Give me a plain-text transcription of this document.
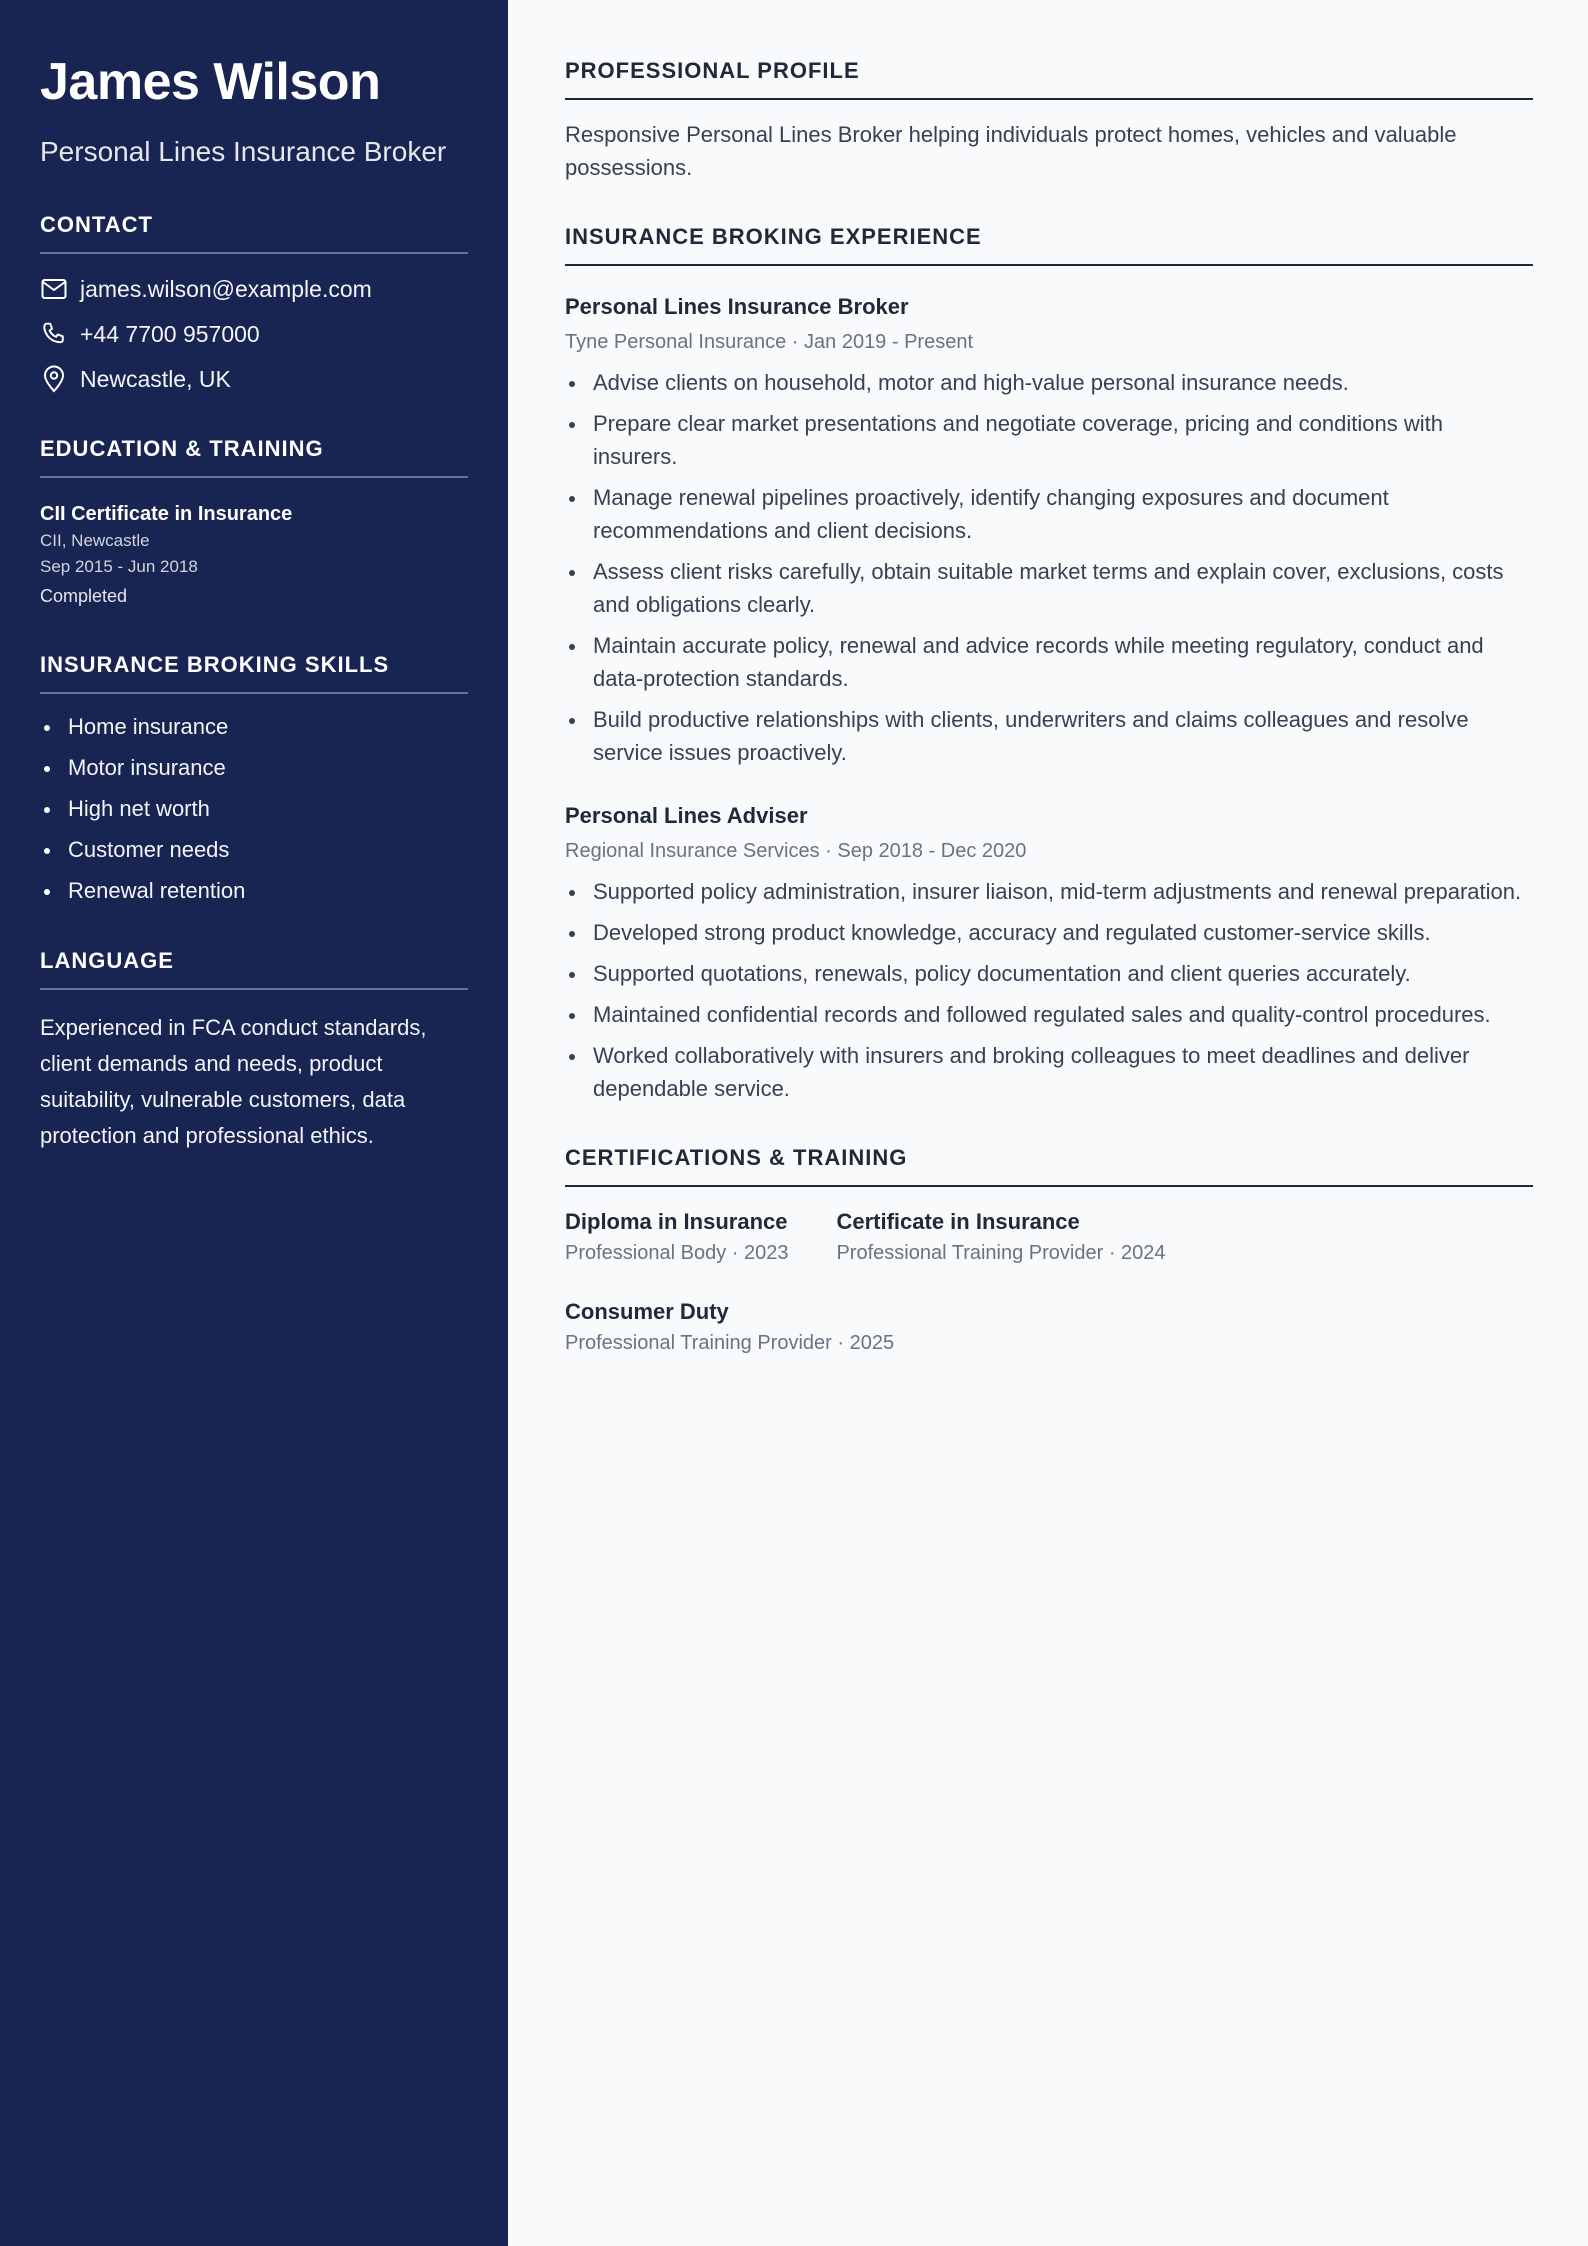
James Wilson
Personal Lines Insurance Broker
CONTACT
james.wilson@example.com
+44 7700 957000
Newcastle, UK
EDUCATION & TRAINING
CII Certificate in Insurance
CII, Newcastle
Sep 2015 - Jun 2018
Completed
INSURANCE BROKING SKILLS
Home insurance
Motor insurance
High net worth
Customer needs
Renewal retention
LANGUAGE

Experienced in FCA conduct standards, client demands and needs, product suitability, vulnerable customers, data protection and professional ethics.

PROFESSIONAL PROFILE

Responsive Personal Lines Broker helping individuals protect homes, vehicles and valuable possessions.

INSURANCE BROKING EXPERIENCE
Personal Lines Insurance Broker
Tyne Personal Insurance · Jan 2019 - Present
Advise clients on household, motor and high-value personal insurance needs.
Prepare clear market presentations and negotiate coverage, pricing and conditions with insurers.
Manage renewal pipelines proactively, identify changing exposures and document recommendations and client decisions.
Assess client risks carefully, obtain suitable market terms and explain cover, exclusions, costs and obligations clearly.
Maintain accurate policy, renewal and advice records while meeting regulatory, conduct and data-protection standards.
Build productive relationships with clients, underwriters and claims colleagues and resolve service issues proactively.
Personal Lines Adviser
Regional Insurance Services · Sep 2018 - Dec 2020
Supported policy administration, insurer liaison, mid-term adjustments and renewal preparation.
Developed strong product knowledge, accuracy and regulated customer-service skills.
Supported quotations, renewals, policy documentation and client queries accurately.
Maintained confidential records and followed regulated sales and quality-control procedures.
Worked collaboratively with insurers and broking colleagues to meet deadlines and deliver dependable service.
CERTIFICATIONS & TRAINING
Diploma in Insurance
Professional Body · 2023
Certificate in Insurance
Professional Training Provider · 2024
Consumer Duty
Professional Training Provider · 2025
